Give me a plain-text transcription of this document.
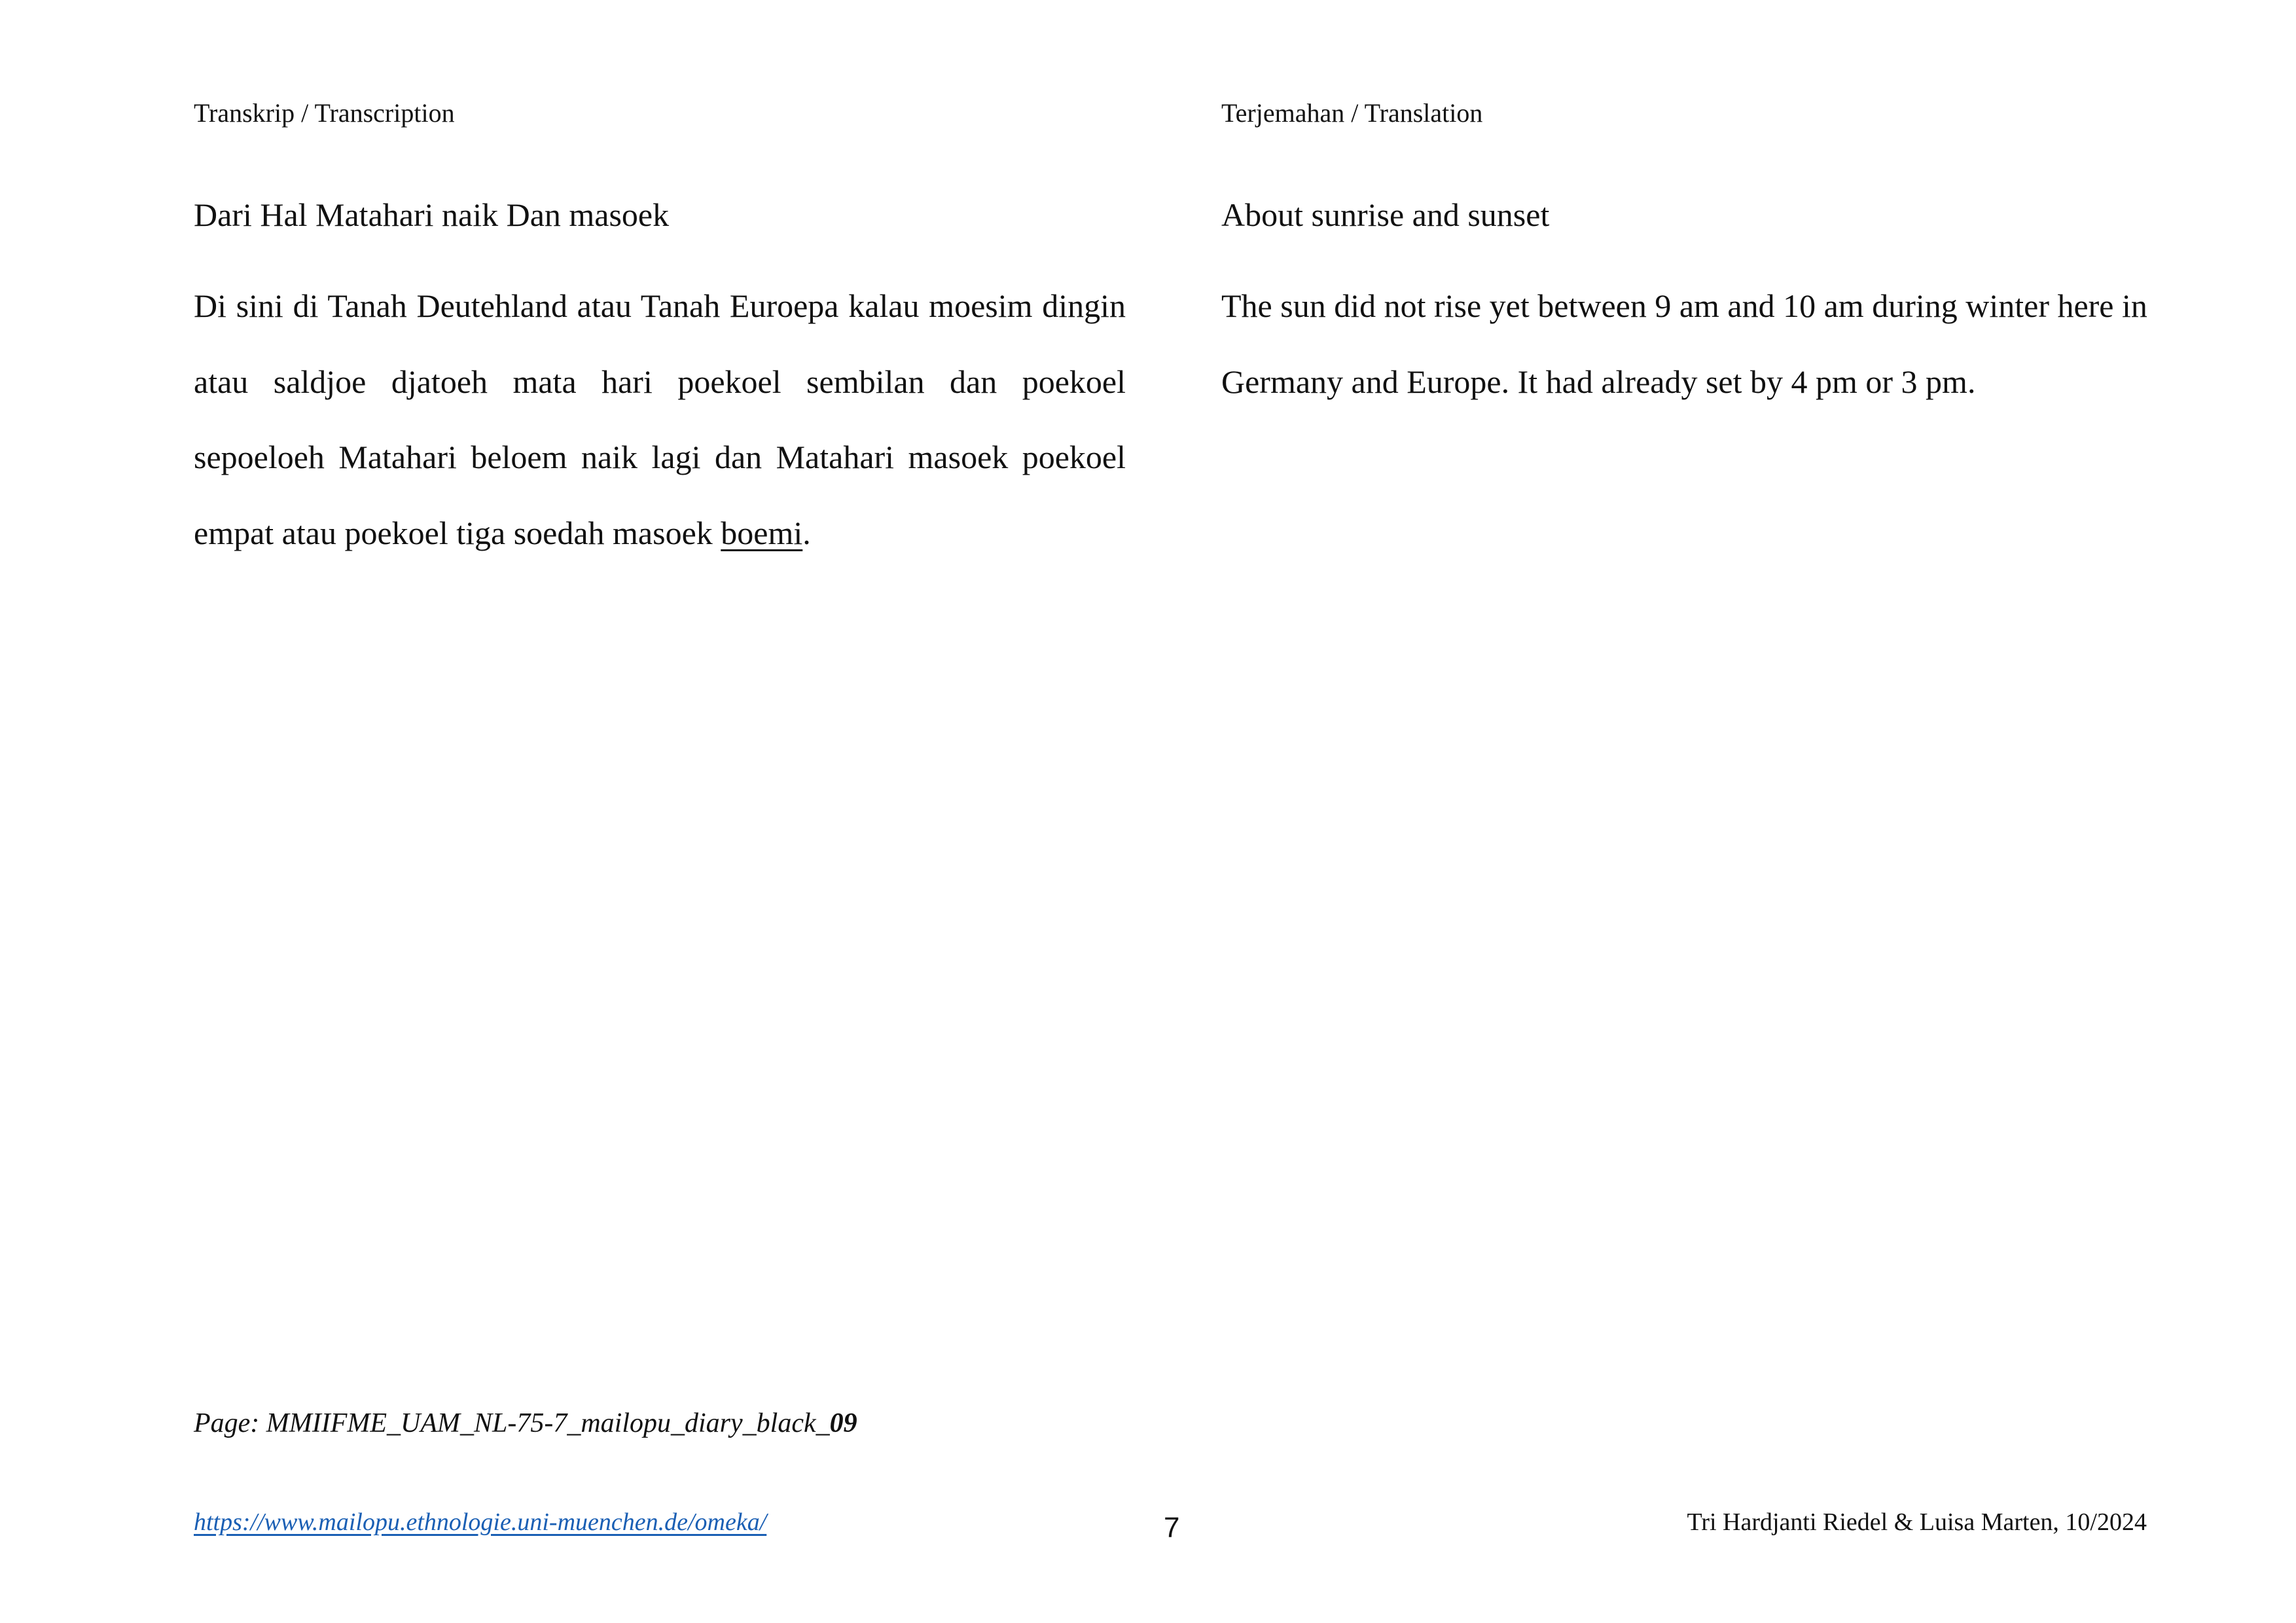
Transkrip / Transcription
Dari Hal Matahari naik Dan masoek

Di sini di Tanah Deutehland atau Tanah Euroepa kalau moesim dingin atau saldjoe djatoeh mata hari poekoel sembilan dan poekoel sepoeloeh Matahari beloem naik lagi dan Matahari masoek poekoel empat atau poekoel tiga soedah masoek boemi.

Terjemahan / Translation
About sunrise and sunset

The sun did not rise yet between 9 am and 10 am during winter here in Germany and Europe. It had already set by 4 pm or 3 pm.

Page: MMIIFME_UAM_NL-75-7_mailopu_diary_black_09
https://www.mailopu.ethnologie.uni-muenchen.de/omeka/	7	Tri Hardjanti Riedel & Luisa Marten, 10/2024
